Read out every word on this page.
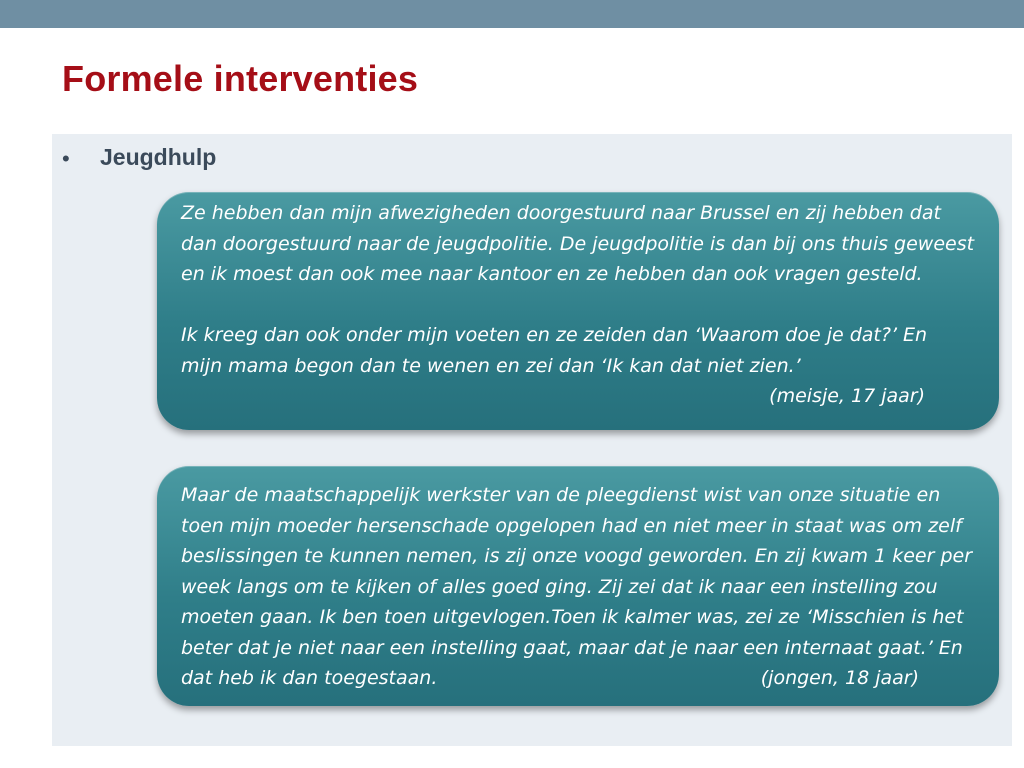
Formele interventies
• Jeugdhulp
Ze hebben dan mijn afwezigheden doorgestuurd naar Brussel en zij hebben dat
dan doorgestuurd naar de jeugdpolitie. De jeugdpolitie is dan bij ons thuis geweest
en ik moest dan ook mee naar kantoor en ze hebben dan ook vragen gesteld.
Ik kreeg dan ook onder mijn voeten en ze zeiden dan ‘Waarom doe je dat?’ En
mijn mama begon dan te wenen en zei dan ‘Ik kan dat niet zien.’
(meisje, 17 jaar)
Maar de maatschappelijk werkster van de pleegdienst wist van onze situatie en
toen mijn moeder hersenschade opgelopen had en niet meer in staat was om zelf
beslissingen te kunnen nemen, is zij onze voogd geworden. En zij kwam 1 keer per
week langs om te kijken of alles goed ging. Zij zei dat ik naar een instelling zou
moeten gaan. Ik ben toen uitgevlogen.Toen ik kalmer was, zei ze ‘Misschien is het
beter dat je niet naar een instelling gaat, maar dat je naar een internaat gaat.’ En
dat heb ik dan toegestaan.	(jongen, 18 jaar)
